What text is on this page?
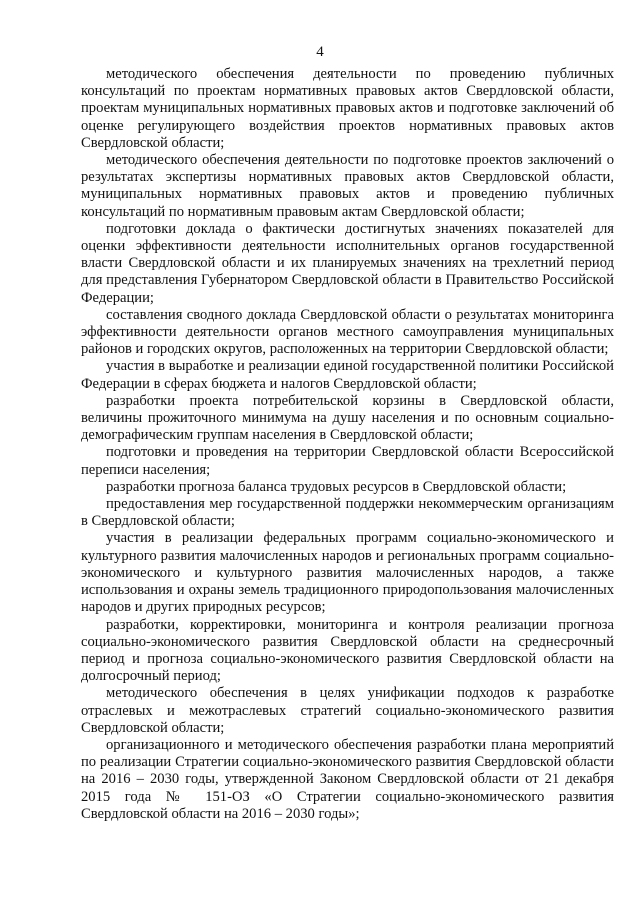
4

методического обеспечения деятельности по проведению публичных консультаций по проектам нормативных правовых актов Свердловской области, проектам муниципальных нормативных правовых актов и подготовке заключений об оценке регулирующего воздействия проектов нормативных правовых актов Свердловской области;

методического обеспечения деятельности по подготовке проектов заключений о результатах экспертизы нормативных правовых актов Свердловской области, муниципальных нормативных правовых актов и проведению публичных консультаций по нормативным правовым актам Свердловской области;

подготовки доклада о фактически достигнутых значениях показателей для оценки эффективности деятельности исполнительных органов государственной власти Свердловской области и их планируемых значениях на трехлетний период для представления Губернатором Свердловской области в Правительство Российской Федерации;

составления сводного доклада Свердловской области о результатах мониторинга эффективности деятельности органов местного самоуправления муниципальных районов и городских округов, расположенных на территории Свердловской области;

участия в выработке и реализации единой государственной политики Российской Федерации в сферах бюджета и налогов Свердловской области;

разработки проекта потребительской корзины в Свердловской области, величины прожиточного минимума на душу населения и по основным социально-демографическим группам населения в Свердловской области;

подготовки и проведения на территории Свердловской области Всероссийской переписи населения;

разработки прогноза баланса трудовых ресурсов в Свердловской области;

предоставления мер государственной поддержки некоммерческим организациям в Свердловской области;

участия в реализации федеральных программ социально-экономического и культурного развития малочисленных народов и региональных программ социально-экономического и культурного развития малочисленных народов, а также использования и охраны земель традиционного природопользования малочисленных народов и других природных ресурсов;

разработки, корректировки, мониторинга и контроля реализации прогноза социально-экономического развития Свердловской области на среднесрочный период и прогноза социально-экономического развития Свердловской области на долгосрочный период;

методического обеспечения в целях унификации подходов к разработке отраслевых и межотраслевых стратегий социально-экономического развития Свердловской области;

организационного и методического обеспечения разработки плана мероприятий по реализации Стратегии социально-экономического развития Свердловской области на 2016 – 2030 годы, утвержденной Законом Свердловской области от 21 декабря 2015 года № 151-ОЗ «О Стратегии социально-экономического развития Свердловской области на 2016 – 2030 годы»;
